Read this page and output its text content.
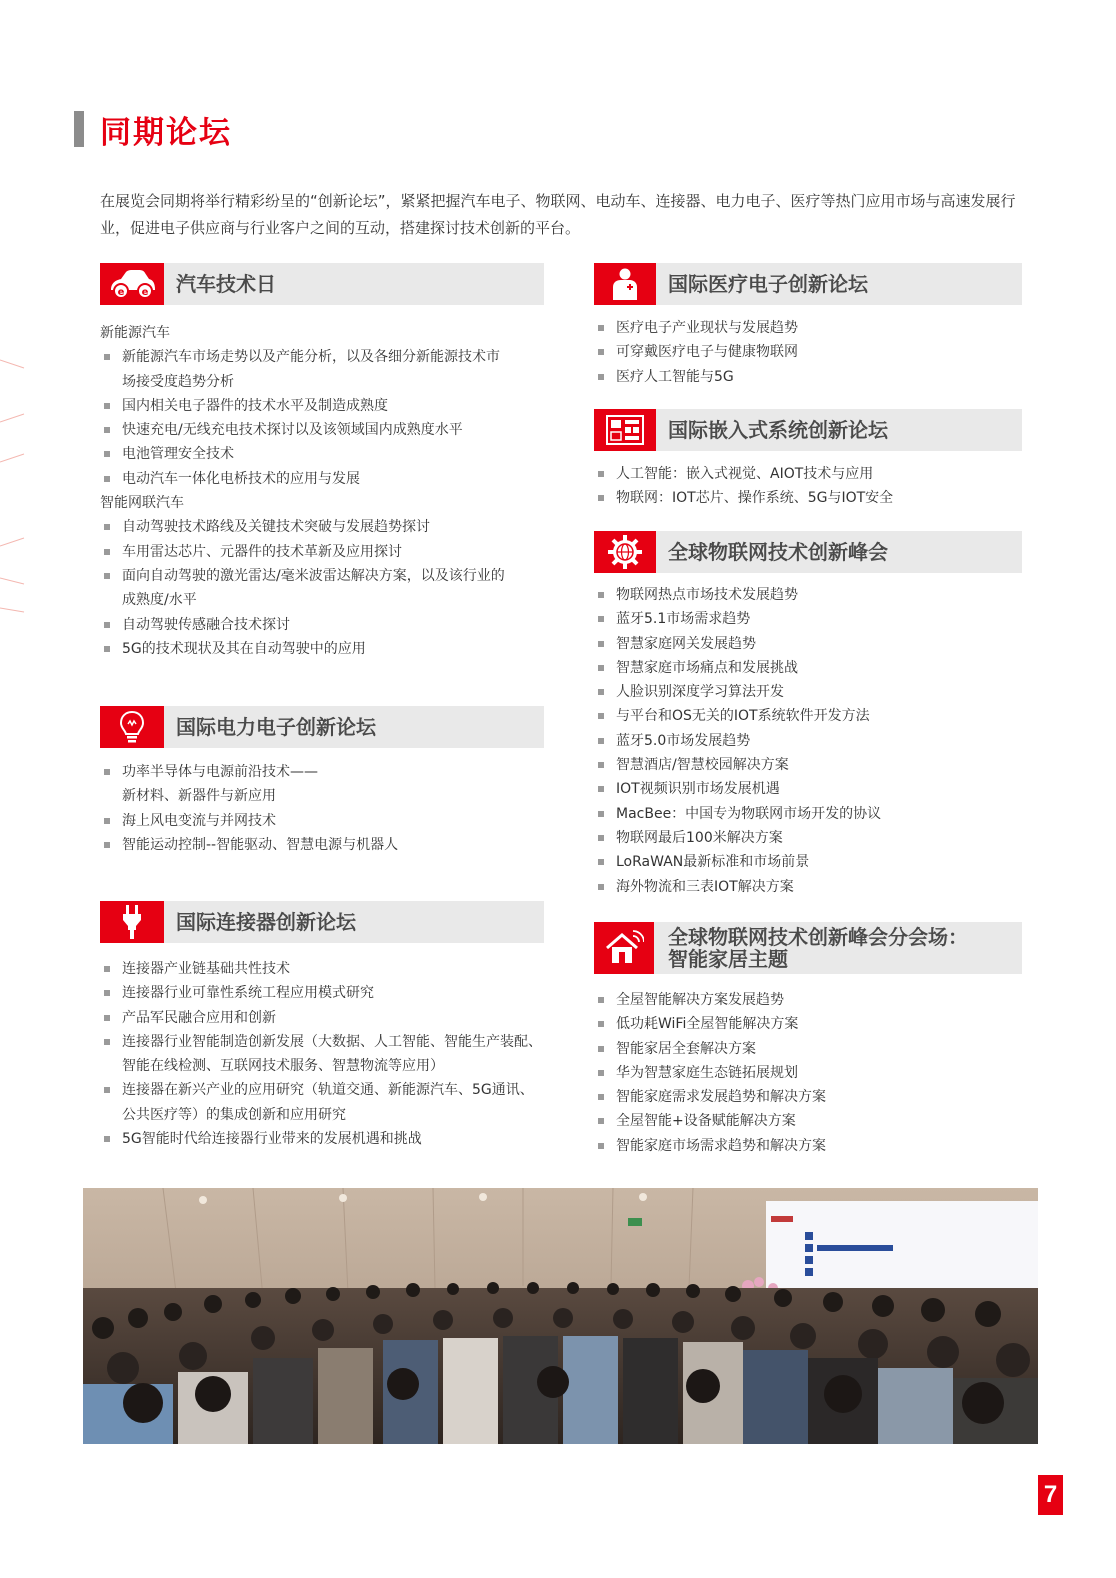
同期论坛

在展览会同期将举行精彩纷呈的“创新论坛”，紧紧把握汽车电子、物联网、电动车、连接器、电力电子、医疗等热门应用市场与高速发展行业，促进电子供应商与行业客户之间的互动，搭建探讨技术创新的平台。

e e	汽车技术日
新能源汽车
新能源汽车市场走势以及产能分析，以及各细分新能源技术市
场接受度趋势分析
国内相关电子器件的技术水平及制造成熟度
快速充电/无线充电技术探讨以及该领域国内成熟度水平
电池管理安全技术
电动汽车一体化电桥技术的应用与发展
智能网联汽车
自动驾驶技术路线及关键技术突破与发展趋势探讨
车用雷达芯片、元器件的技术革新及应用探讨
面向自动驾驶的激光雷达/毫米波雷达解决方案，以及该行业的
成熟度/水平
自动驾驶传感融合技术探讨
5G的技术现状及其在自动驾驶中的应用
国际电力电子创新论坛
功率半导体与电源前沿技术——
新材料、新器件与新应用
海上风电变流与并网技术
智能运动控制--智能驱动、智慧电源与机器人
国际连接器创新论坛
连接器产业链基础共性技术
连接器行业可靠性系统工程应用模式研究
产品军民融合应用和创新
连接器行业智能制造创新发展（大数据、人工智能、智能生产装配、
智能在线检测、互联网技术服务、智慧物流等应用）
连接器在新兴产业的应用研究（轨道交通、新能源汽车、5G通讯、
公共医疗等）的集成创新和应用研究
5G智能时代给连接器行业带来的发展机遇和挑战
国际医疗电子创新论坛
医疗电子产业现状与发展趋势
可穿戴医疗电子与健康物联网
医疗人工智能与5G
国际嵌入式系统创新论坛
人工智能：嵌入式视觉、AIOT技术与应用
物联网：IOT芯片、操作系统、5G与IOT安全
全球物联网技术创新峰会
物联网热点市场技术发展趋势
蓝牙5.1市场需求趋势
智慧家庭网关发展趋势
智慧家庭市场痛点和发展挑战
人脸识别深度学习算法开发
与平台和OS无关的IOT系统软件开发方法
蓝牙5.0市场发展趋势
智慧酒店/智慧校园解决方案
IOT视频识别市场发展机遇
MacBee：中国专为物联网市场开发的协议
物联网最后100米解决方案
LoRaWAN最新标准和市场前景
海外物流和三表IOT解决方案
全球物联网技术创新峰会分会场：
智能家居主题
全屋智能解决方案发展趋势
低功耗WiFi全屋智能解决方案
智能家居全套解决方案
华为智慧家庭生态链拓展规划
智能家庭需求发展趋势和解决方案
全屋智能+设备赋能解决方案
智能家庭市场需求趋势和解决方案
7
